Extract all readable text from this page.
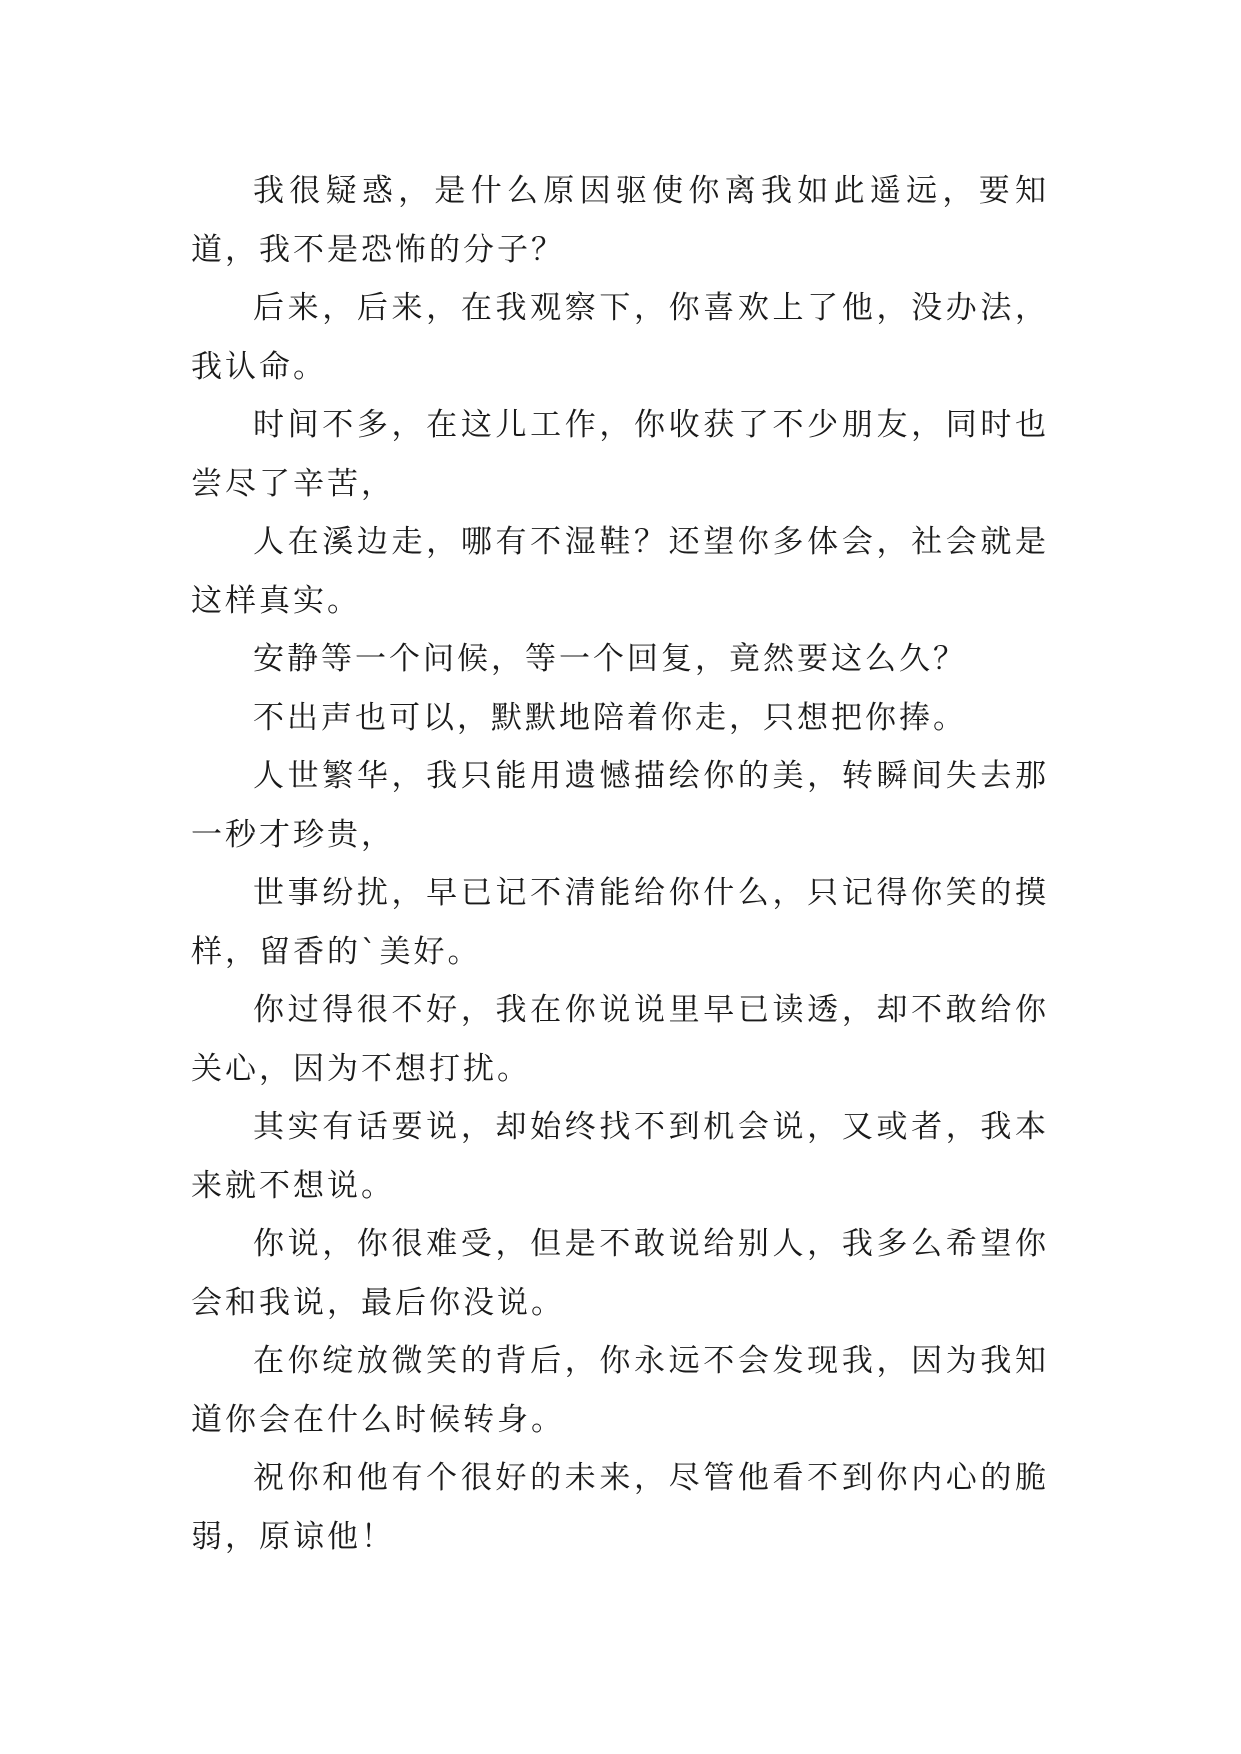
我很疑惑，是什么原因驱使你离我如此遥远，要知道，我不是恐怖的分子？

后来，后来，在我观察下，你喜欢上了他，没办法，我认命。

时间不多，在这儿工作，你收获了不少朋友，同时也尝尽了辛苦，

人在溪边走，哪有不湿鞋？还望你多体会，社会就是这样真实。

安静等一个问候，等一个回复，竟然要这么久？

不出声也可以，默默地陪着你走，只想把你捧。

人世繁华，我只能用遗憾描绘你的美，转瞬间失去那一秒才珍贵，

世事纷扰，早已记不清能给你什么，只记得你笑的摸样，留香的`美好。

你过得很不好，我在你说说里早已读透，却不敢给你关心，因为不想打扰。

其实有话要说，却始终找不到机会说，又或者，我本来就不想说。

你说，你很难受，但是不敢说给别人，我多么希望你会和我说，最后你没说。

在你绽放微笑的背后，你永远不会发现我，因为我知道你会在什么时候转身。

祝你和他有个很好的未来，尽管他看不到你内心的脆弱，原谅他！
